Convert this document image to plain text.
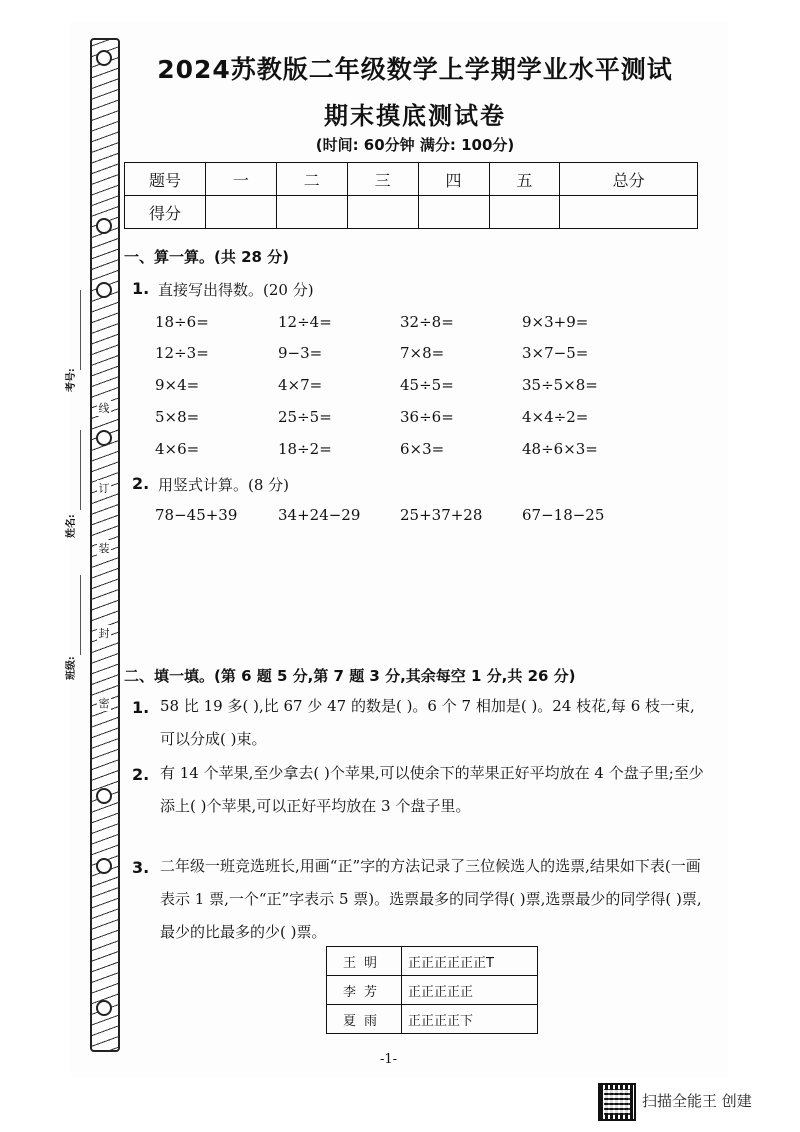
线
订
装
封
密
考号:
姓名:
班级:
2024苏教版二年级数学上学期学业水平测试
期末摸底测试卷
(时间: 60分钟 满分: 100分)
题号	一	二	三	四	五	总分
得分						
一、算一算。(共 28 分)
1. 直接写出得数。(20 分)
18÷6=	12÷4=	32÷8=	9×3+9=
12÷3=	9−3=	7×8=	3×7−5=
9×4=	4×7=	45÷5=	35÷5×8=
5×8=	25÷5=	36÷6=	4×4÷2=
4×6=	18÷2=	6×3=	48÷6×3=
2. 用竖式计算。(8 分)
78−45+39	34+24−29	25+37+28	67−18−25
二、填一填。(第 6 题 5 分,第 7 题 3 分,其余每空 1 分,共 26 分)
1. 58 比 19 多( ),比 67 少 47 的数是( )。6 个 7 相加是( )。24 枝花,每 6 枝一束,可以分成( )束。
2. 有 14 个苹果,至少拿去( )个苹果,可以使余下的苹果正好平均放在 4 个盘子里;至少添上( )个苹果,可以正好平均放在 3 个盘子里。
3. 二年级一班竞选班长,用画“正”字的方法记录了三位候选人的选票,结果如下表(一画表示 1 票,一个“正”字表示 5 票)。选票最多的同学得( )票,选票最少的同学得( )票,最少的比最多的少( )票。
王明	正正正正正正T
李芳	正正正正正
夏雨	正正正正下
-1-
扫描全能王 创建
